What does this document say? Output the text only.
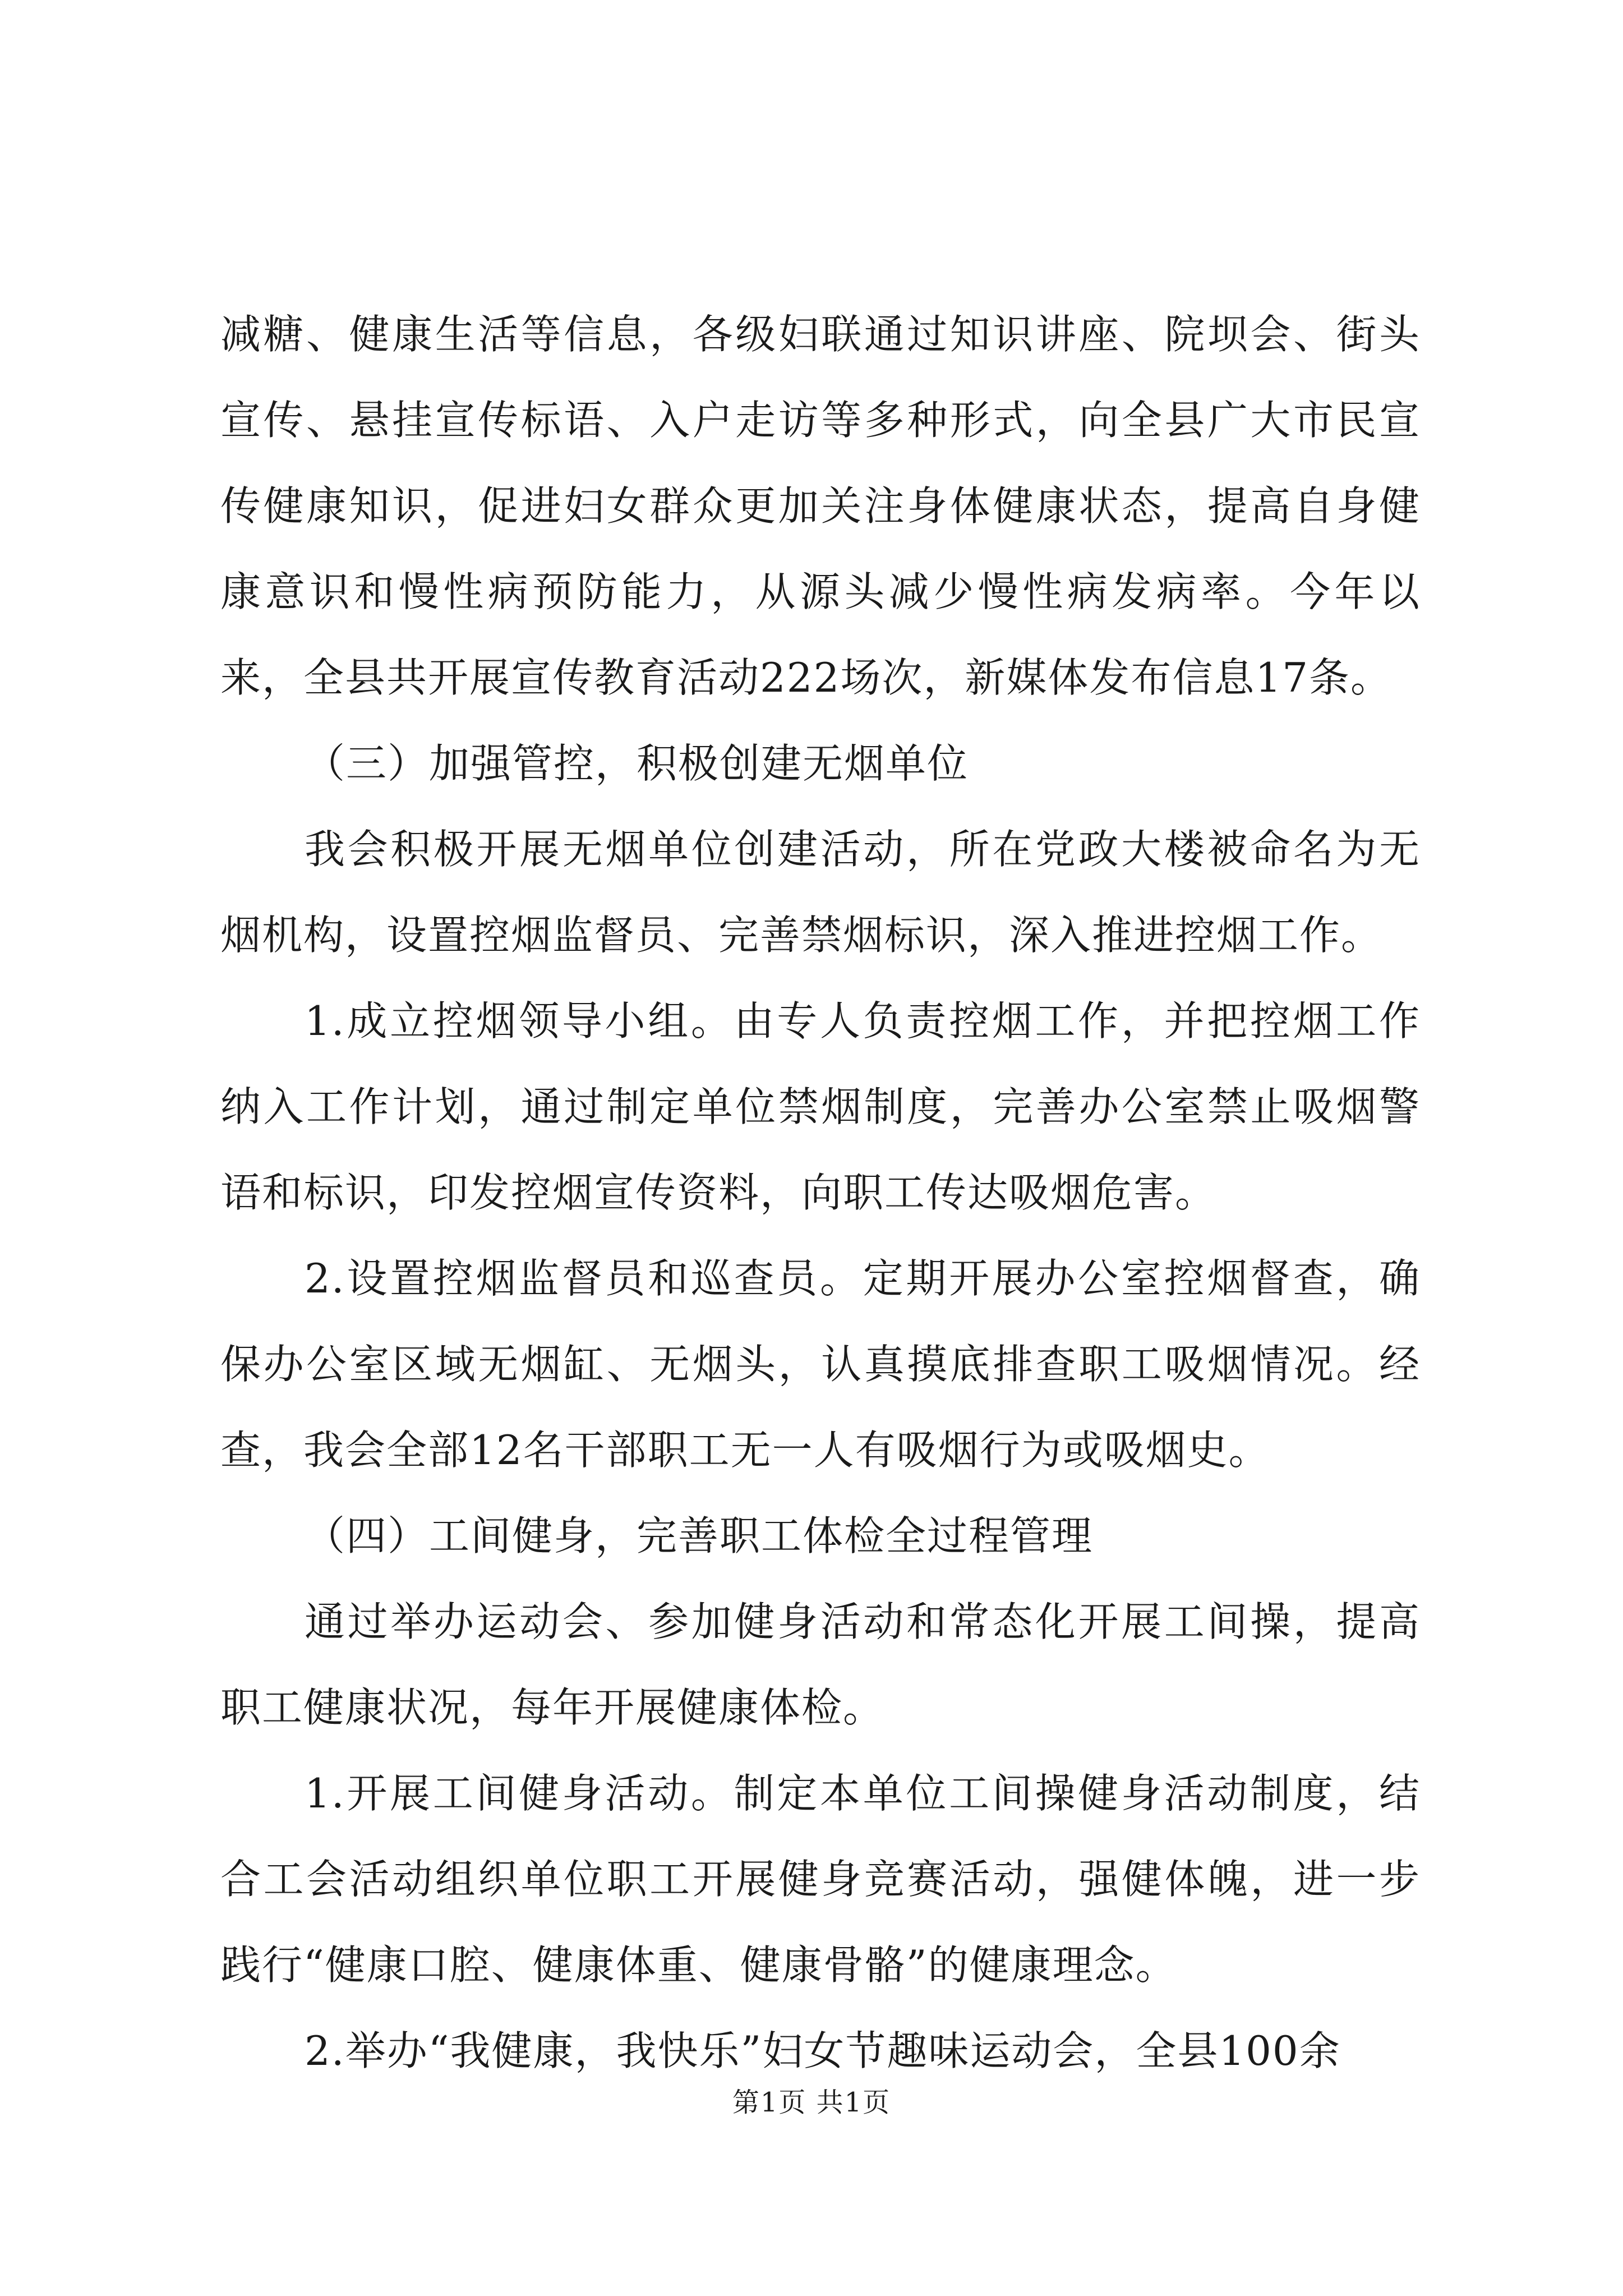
减糖、健康生活等信息，各级妇联通过知识讲座、院坝会、街头宣传、悬挂宣传标语、入户走访等多种形式，向全县广大市民宣传健康知识，促进妇女群众更加关注身体健康状态，提高自身健康意识和慢性病预防能力，从源头减少慢性病发病率。今年以来，全县共开展宣传教育活动222场次，新媒体发布信息17条。

（三）加强管控，积极创建无烟单位

我会积极开展无烟单位创建活动，所在党政大楼被命名为无烟机构，设置控烟监督员、完善禁烟标识，深入推进控烟工作。

1.成立控烟领导小组。由专人负责控烟工作，并把控烟工作纳入工作计划，通过制定单位禁烟制度，完善办公室禁止吸烟警语和标识，印发控烟宣传资料，向职工传达吸烟危害。

2.设置控烟监督员和巡查员。定期开展办公室控烟督查，确保办公室区域无烟缸、无烟头，认真摸底排查职工吸烟情况。经查，我会全部12名干部职工无一人有吸烟行为或吸烟史。

（四）工间健身，完善职工体检全过程管理

通过举办运动会、参加健身活动和常态化开展工间操，提高职工健康状况，每年开展健康体检。

1.开展工间健身活动。制定本单位工间操健身活动制度，结合工会活动组织单位职工开展健身竞赛活动，强健体魄，进一步践行“健康口腔、健康体重、健康骨骼”的健康理念。

2.举办“我健康，我快乐”妇女节趣味运动会，全县100余

第1页 共1页
